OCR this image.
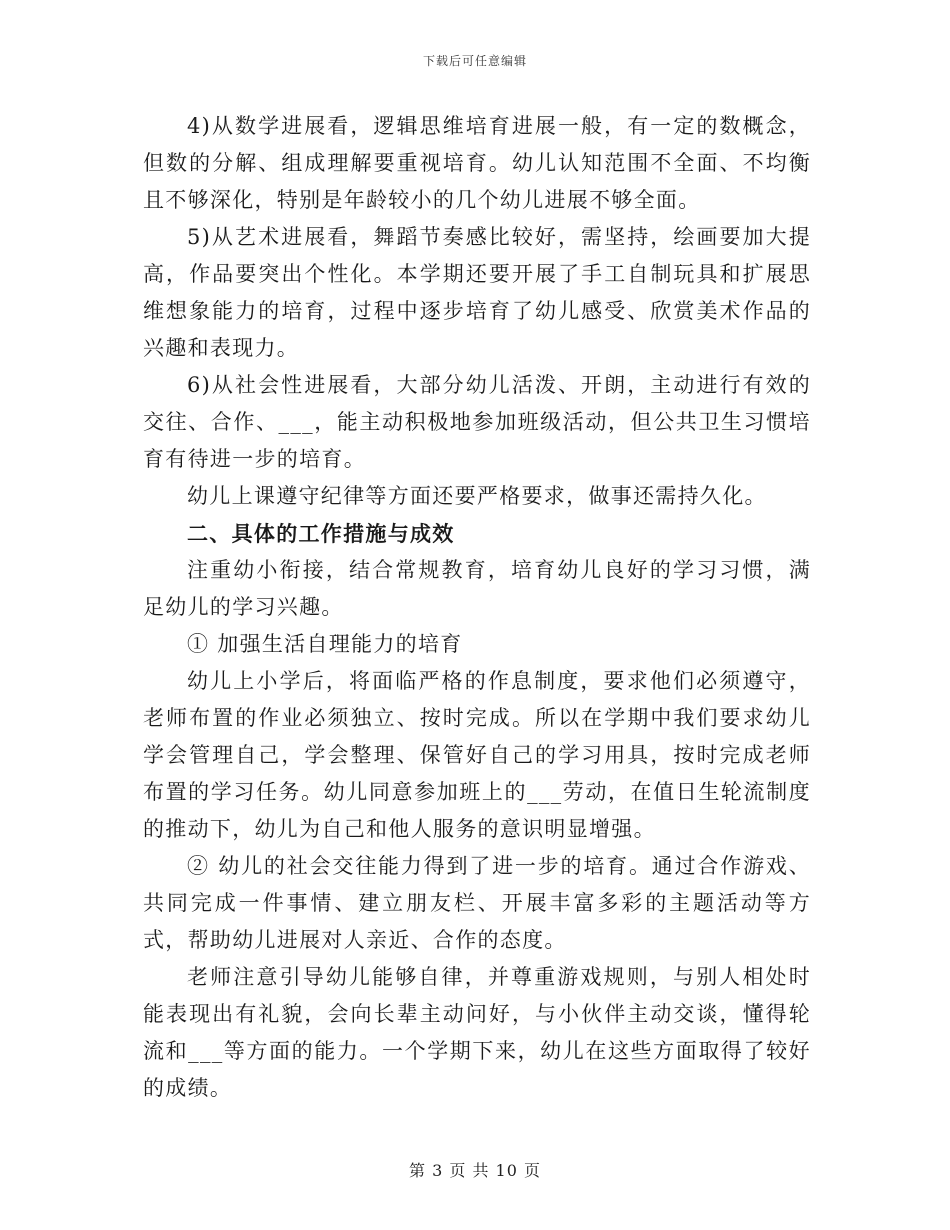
下载后可任意编辑

4)从数学进展看，逻辑思维培育进展一般，有一定的数概念，但数的分解、组成理解要重视培育。幼儿认知范围不全面、不均衡且不够深化，特别是年龄较小的几个幼儿进展不够全面。

5)从艺术进展看，舞蹈节奏感比较好，需坚持，绘画要加大提高，作品要突出个性化。本学期还要开展了手工自制玩具和扩展思维想象能力的培育，过程中逐步培育了幼儿感受、欣赏美术作品的兴趣和表现力。

6)从社会性进展看，大部分幼儿活泼、开朗，主动进行有效的交往、合作、___，能主动积极地参加班级活动，但公共卫生习惯培育有待进一步的培育。

幼儿上课遵守纪律等方面还要严格要求，做事还需持久化。

二、具体的工作措施与成效

注重幼小衔接，结合常规教育，培育幼儿良好的学习习惯，满足幼儿的学习兴趣。

① 加强生活自理能力的培育

幼儿上小学后，将面临严格的作息制度，要求他们必须遵守，老师布置的作业必须独立、按时完成。所以在学期中我们要求幼儿学会管理自己，学会整理、保管好自己的学习用具，按时完成老师布置的学习任务。幼儿同意参加班上的___劳动，在值日生轮流制度的推动下，幼儿为自己和他人服务的意识明显增强。

② 幼儿的社会交往能力得到了进一步的培育。通过合作游戏、共同完成一件事情、建立朋友栏、开展丰富多彩的主题活动等方式，帮助幼儿进展对人亲近、合作的态度。

老师注意引导幼儿能够自律，并尊重游戏规则，与别人相处时能表现出有礼貌，会向长辈主动问好，与小伙伴主动交谈，懂得轮流和___等方面的能力。一个学期下来，幼儿在这些方面取得了较好的成绩。

第 3 页 共 10 页
